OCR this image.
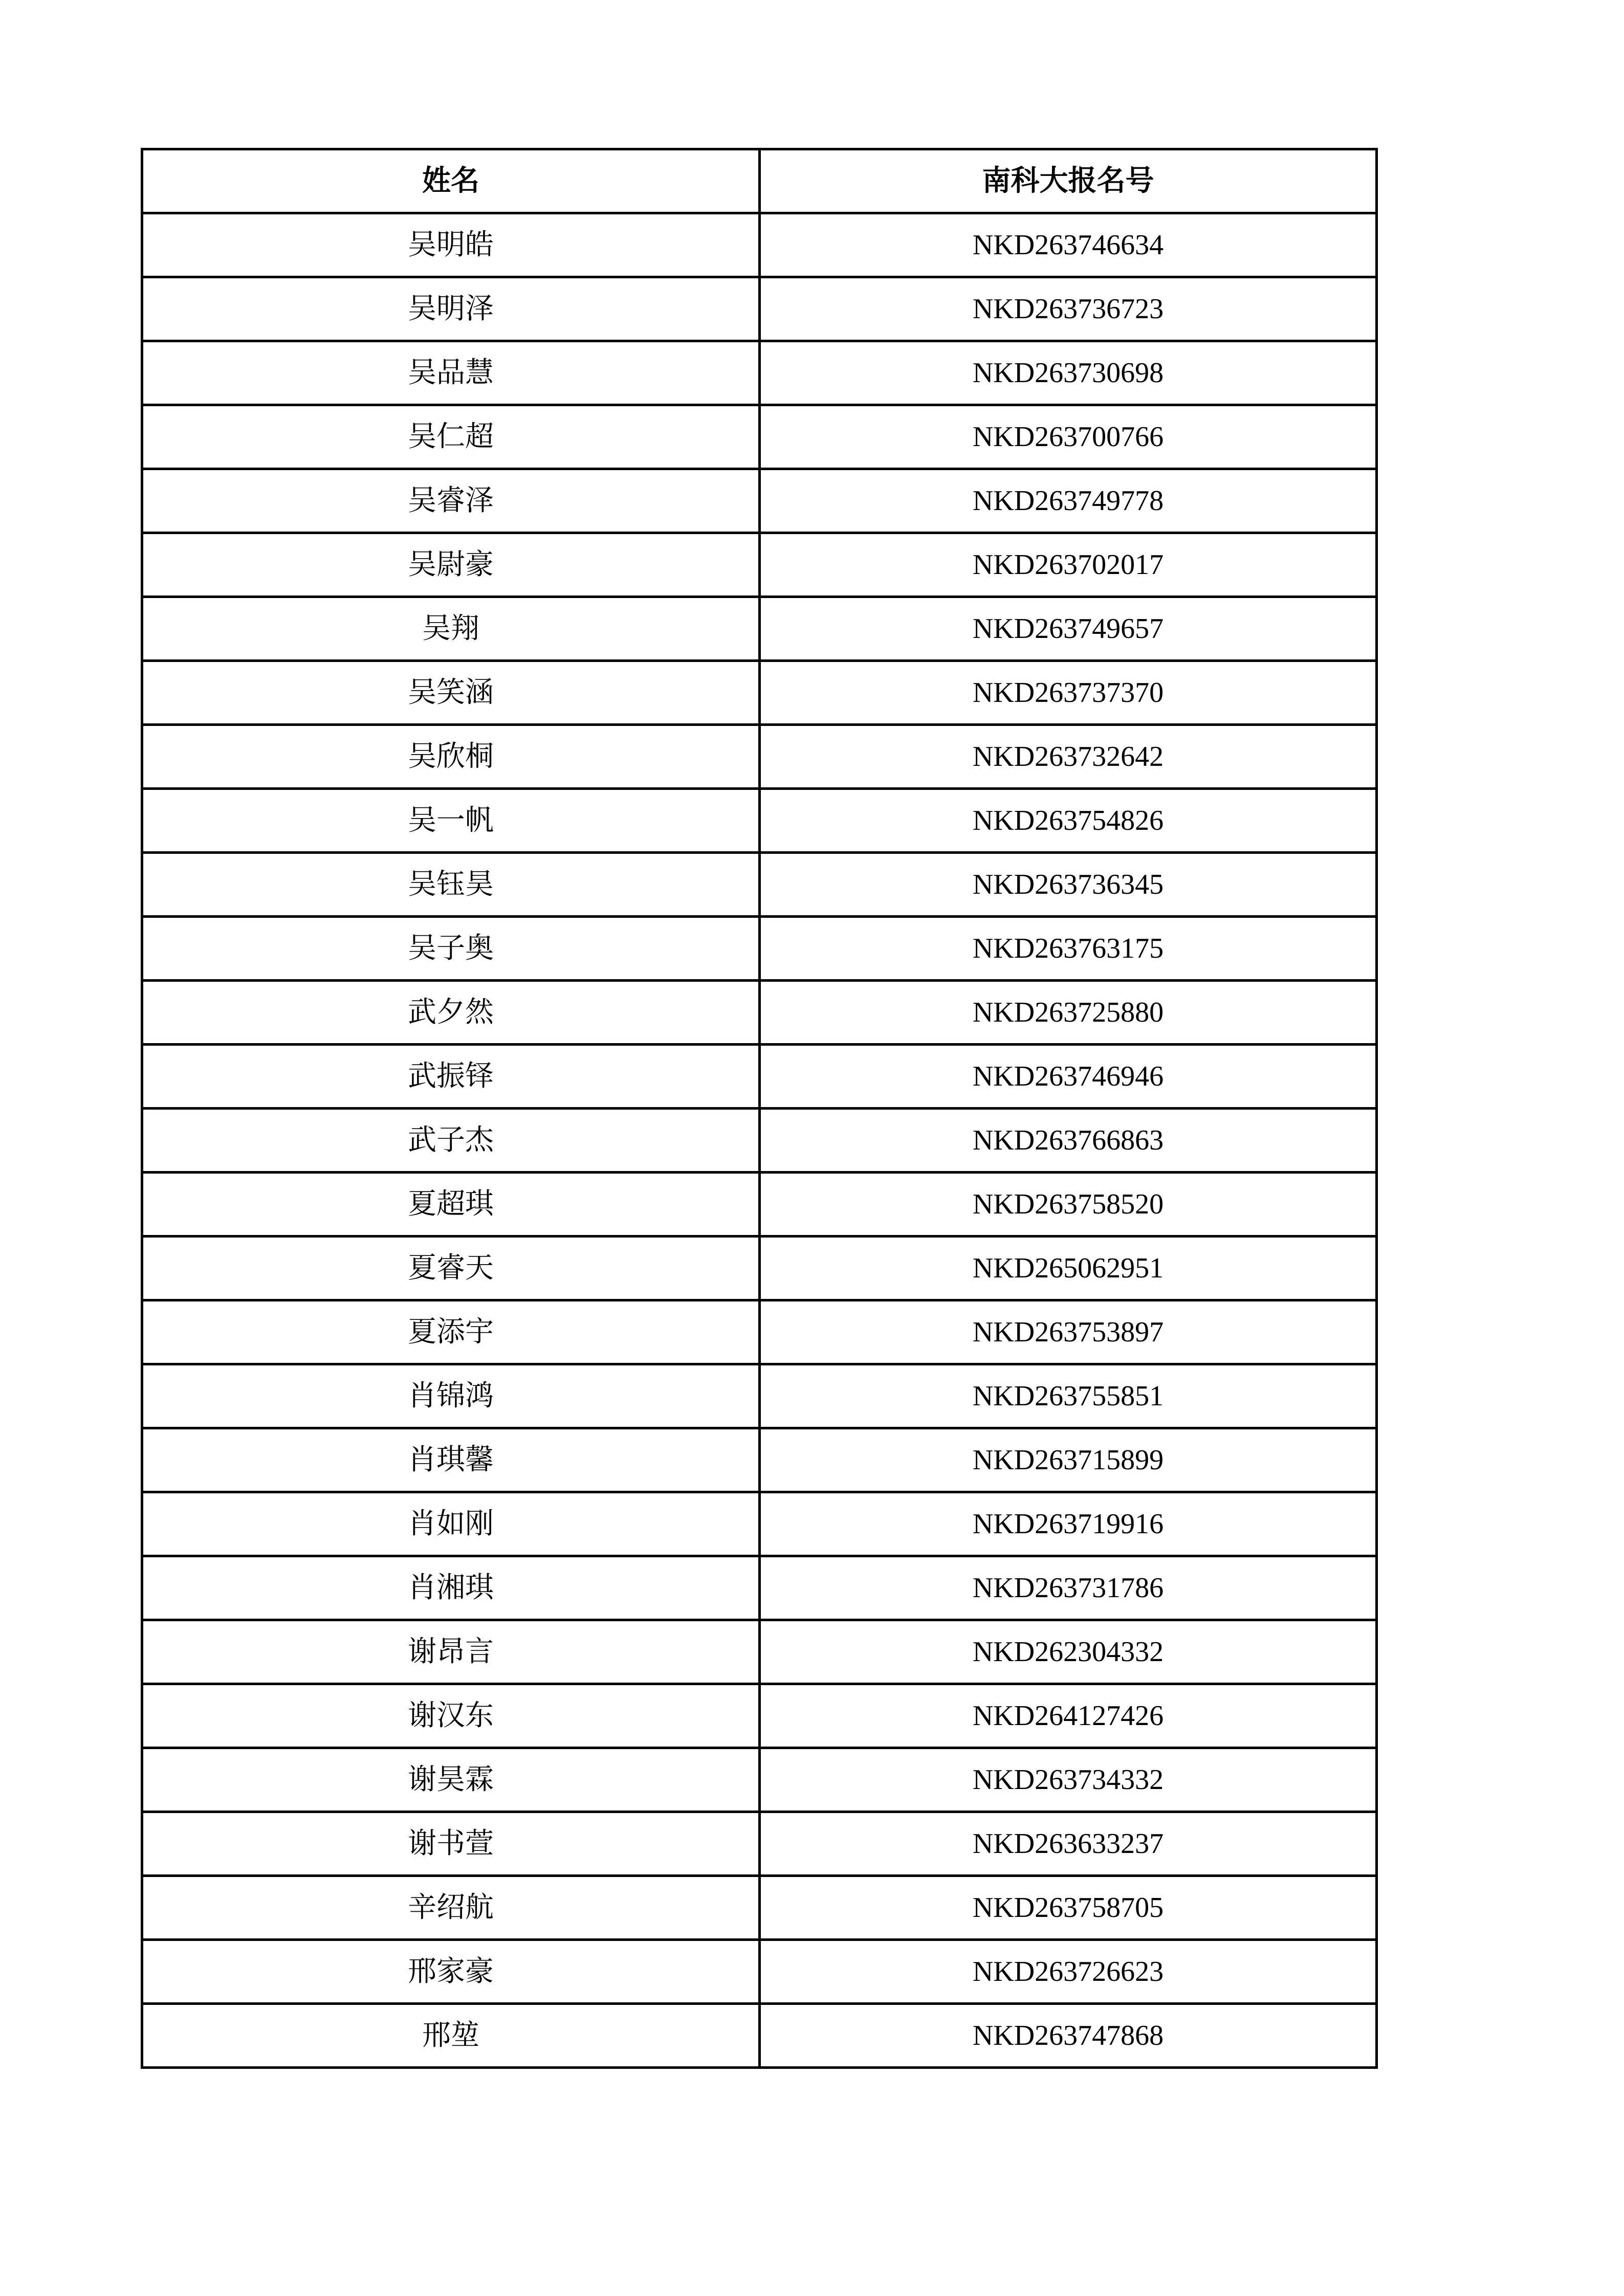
姓名	南科大报名号
吴明皓	NKD263746634
吴明泽	NKD263736723
吴品慧	NKD263730698
吴仁超	NKD263700766
吴睿泽	NKD263749778
吴尉豪	NKD263702017
吴翔	NKD263749657
吴笑涵	NKD263737370
吴欣桐	NKD263732642
吴一帆	NKD263754826
吴钰昊	NKD263736345
吴子奥	NKD263763175
武夕然	NKD263725880
武振铎	NKD263746946
武子杰	NKD263766863
夏超琪	NKD263758520
夏睿天	NKD265062951
夏添宇	NKD263753897
肖锦鸿	NKD263755851
肖琪馨	NKD263715899
肖如刚	NKD263719916
肖湘琪	NKD263731786
谢昂言	NKD262304332
谢汉东	NKD264127426
谢昊霖	NKD263734332
谢书萱	NKD263633237
辛绍航	NKD263758705
邢家豪	NKD263726623
邢堃	NKD263747868
